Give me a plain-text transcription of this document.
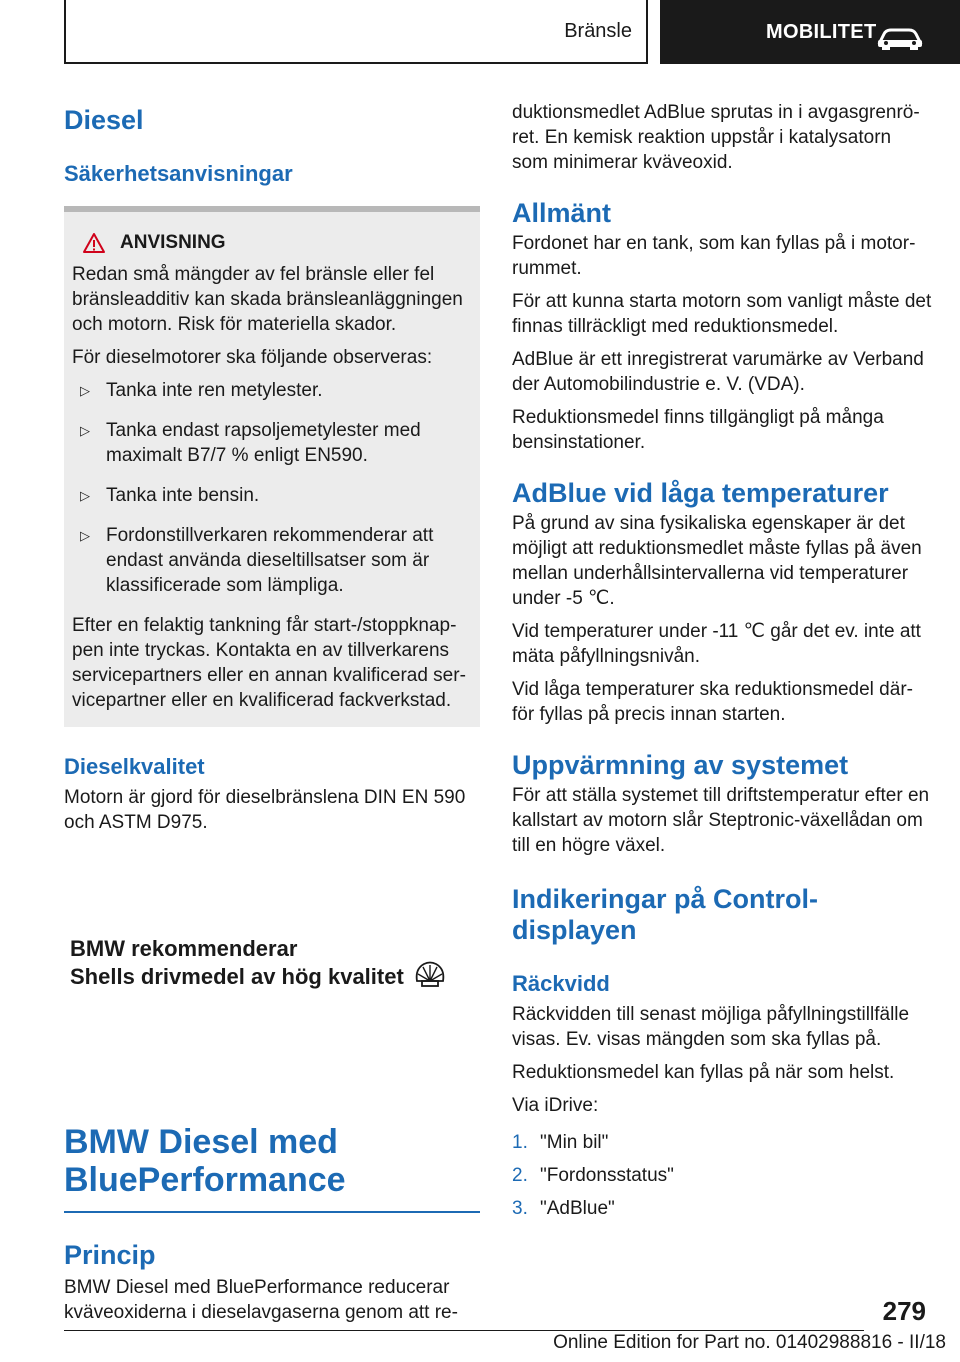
Bränsle	MOBILITET
Diesel
Säkerhetsanvisningar
ANVISNING

Redan små mängder av fel bränsle eller fel bränsleadditiv kan skada bränsleanläggningen och motorn. Risk för materiella skador.

För dieselmotorer ska följande observeras:

▷ Tanka inte ren metylester.
▷ Tanka endast rapsoljemetylester med maximalt B7/7 % enligt EN590.
▷ Tanka inte bensin.
▷ Fordonstillverkaren rekommenderar att endast använda dieseltillsatser som är klassificerade som lämpliga.

Efter en felaktig tankning får start-/stoppknap- pen inte tryckas. Kontakta en av tillverkarens servicepartners eller en annan kvalificerad ser- vicepartner eller en kvalificerad fackverkstad.

Dieselkvalitet

Motorn är gjord för dieselbränslena DIN EN 590 och ASTM D975.

BMW rekommenderar
Shells drivmedel av hög kvalitet
BMW Diesel med
BluePerformance
Princip

BMW Diesel med BluePerformance reducerar kväveoxiderna i dieselavgaserna genom att re-

duktionsmedlet AdBlue sprutas in i avgasgrenrö- ret. En kemisk reaktion uppstår i katalysatorn som minimerar kväveoxid.

Allmänt

Fordonet har en tank, som kan fyllas på i motor- rummet.

För att kunna starta motorn som vanligt måste det finnas tillräckligt med reduktionsmedel.

AdBlue är ett inregistrerat varumärke av Verband der Automobilindustrie e. V. (VDA).

Reduktionsmedel finns tillgängligt på många bensinstationer.

AdBlue vid låga temperaturer

På grund av sina fysikaliska egenskaper är det möjligt att reduktionsmedlet måste fyllas på även mellan underhållsintervallerna vid temperaturer under -5 ℃.

Vid temperaturer under -11 ℃ går det ev. inte att mäta påfyllningsnivån.

Vid låga temperaturer ska reduktionsmedel där- för fyllas på precis innan starten.

Uppvärmning av systemet

För att ställa systemet till driftstemperatur efter en kallstart av motorn slår Steptronic-växellådan om till en högre växel.

Indikeringar på Control-
displayen
Räckvidd

Räckvidden till senast möjliga påfyllningstillfälle visas. Ev. visas mängden som ska fyllas på.

Reduktionsmedel kan fyllas på när som helst.

Via iDrive:

1. "Min bil"
2. "Fordonsstatus"
3. "AdBlue"
279
Online Edition for Part no. 01402988816 - II/18
